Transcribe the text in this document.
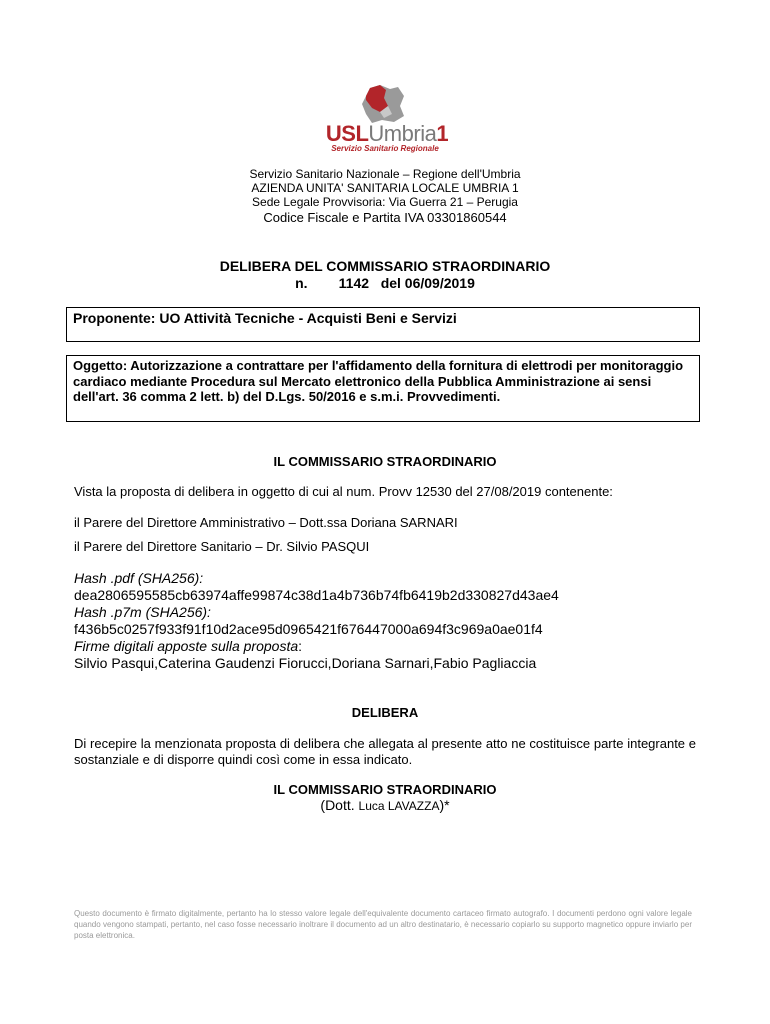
USLUmbria1
Servizio Sanitario Regionale
Servizio Sanitario Nazionale – Regione dell'Umbria
AZIENDA UNITA' SANITARIA LOCALE UMBRIA 1
Sede Legale Provvisoria: Via Guerra 21 – Perugia
Codice Fiscale e Partita IVA 03301860544
DELIBERA DEL COMMISSARIO STRAORDINARIO
n.        1142   del 06/09/2019
Proponente: UO Attività Tecniche - Acquisti Beni e Servizi
Oggetto: Autorizzazione a contrattare per l'affidamento della fornitura di elettrodi per monitoraggio cardiaco mediante Procedura sul Mercato elettronico della Pubblica Amministrazione ai sensi dell'art. 36 comma 2 lett. b) del D.Lgs. 50/2016 e s.m.i. Provvedimenti.
IL COMMISSARIO STRAORDINARIO
Vista la proposta di delibera in oggetto di cui al num. Provv 12530 del 27/08/2019 contenente:
il Parere del Direttore Amministrativo – Dott.ssa Doriana SARNARI
il Parere del Direttore Sanitario – Dr. Silvio PASQUI
Hash .pdf (SHA256):
dea2806595585cb63974affe99874c38d1a4b736b74fb6419b2d330827d43ae4
Hash .p7m (SHA256):
f436b5c0257f933f91f10d2ace95d0965421f676447000a694f3c969a0ae01f4
Firme digitali apposte sulla proposta:
Silvio Pasqui,Caterina Gaudenzi Fiorucci,Doriana Sarnari,Fabio Pagliaccia
DELIBERA
Di recepire la menzionata proposta di delibera che allegata al presente atto ne costituisce parte integrante e sostanziale e di disporre quindi così come in essa indicato.
IL COMMISSARIO STRAORDINARIO
(Dott. Luca LAVAZZA)*
Questo documento è firmato digitalmente, pertanto ha lo stesso valore legale dell'equivalente documento cartaceo firmato autografo. I documenti perdono ogni valore legale quando vengono stampati, pertanto, nel caso fosse necessario inoltrare il documento ad un altro destinatario, è necessario copiarlo su supporto magnetico oppure inviarlo per posta elettronica.
